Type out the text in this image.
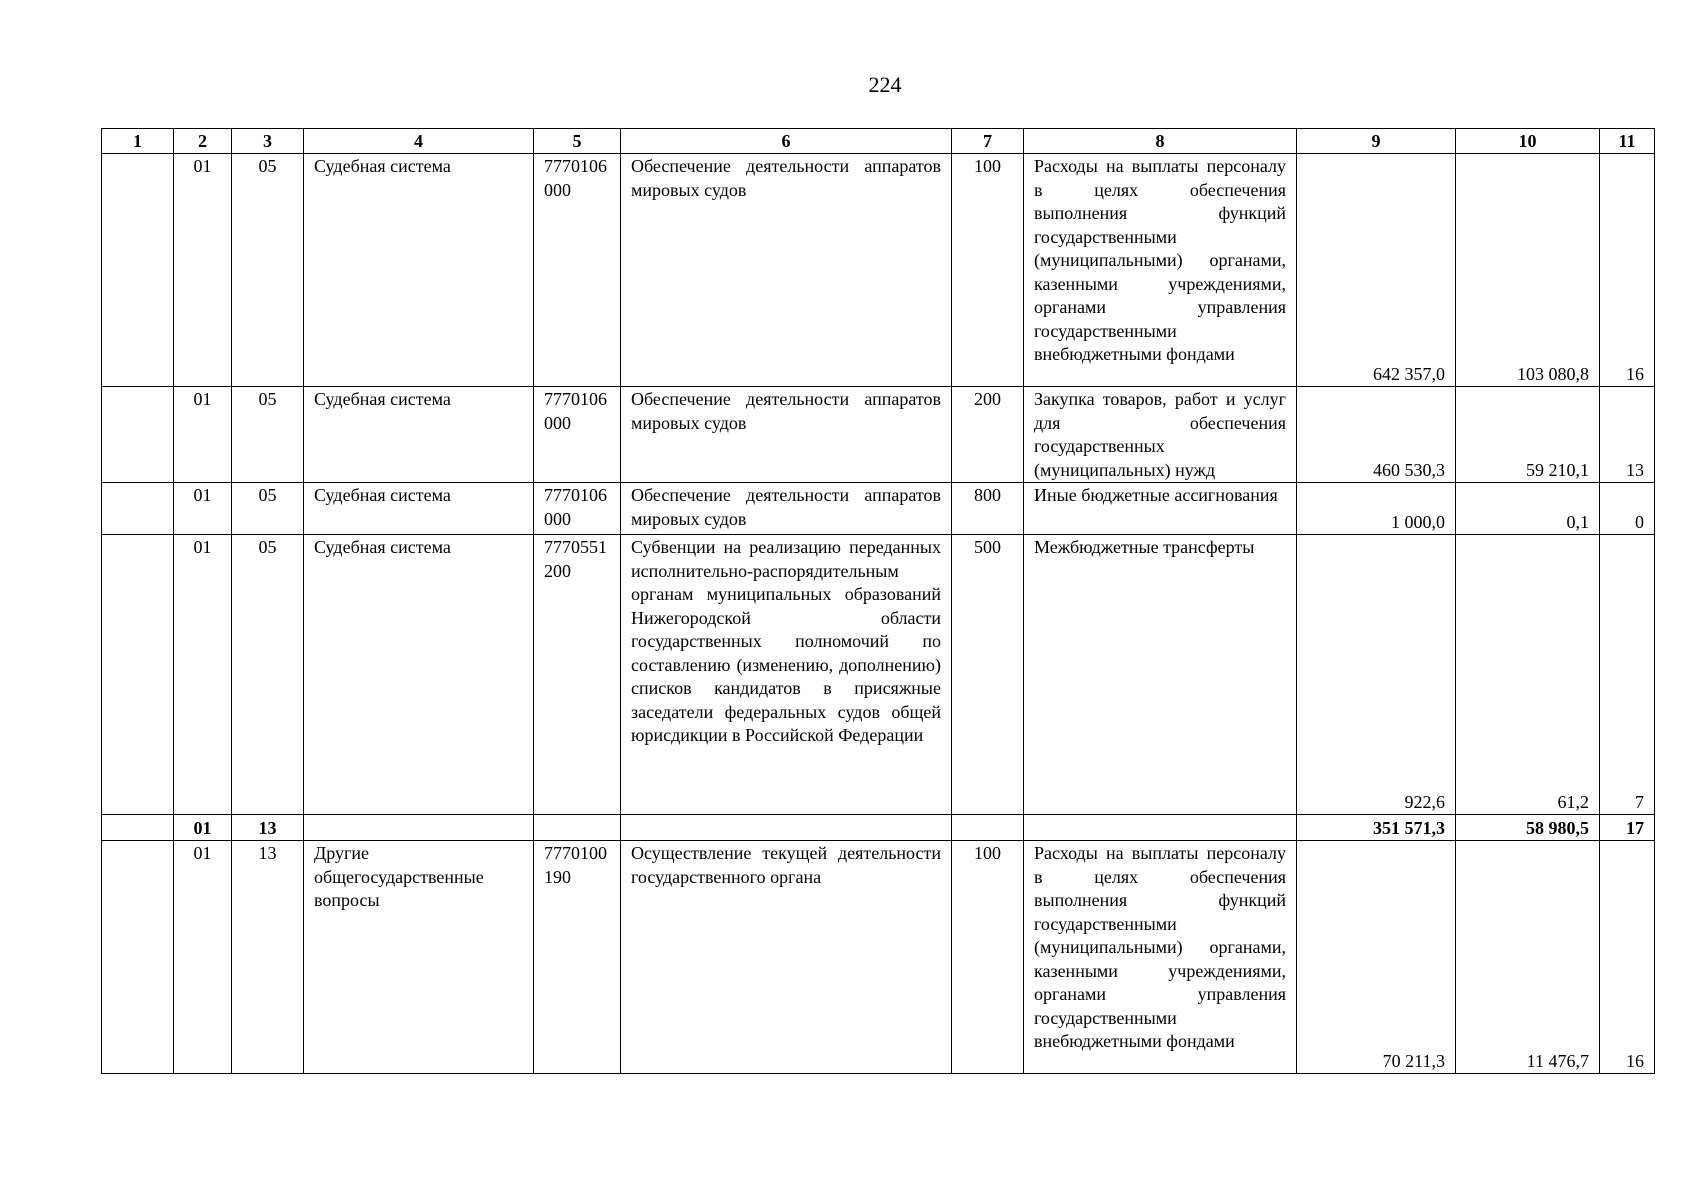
224
1	2	3	4	5	6	7	8	9	10	11
	01	05	Судебная система	7770106000	Обеспечение деятельности аппаратов мировых судов	100	Расходы на выплаты персоналу в целях обеспечения выполнения функций государственными (муниципальными) органами, казенными учреждениями, органами управления государственными внебюджетными фондами	642 357,0	103 080,8	16
	01	05	Судебная система	7770106000	Обеспечение деятельности аппаратов мировых судов	200	Закупка товаров, работ и услуг для обеспечения государственных (муниципальных) нужд	460 530,3	59 210,1	13
	01	05	Судебная система	7770106000	Обеспечение деятельности аппаратов мировых судов	800	Иные бюджетные ассигнования	1 000,0	0,1	0
	01	05	Судебная система	7770551200	Субвенции на реализацию переданных исполнительно-распорядительным органам муниципальных образований Нижегородской области государственных полномочий по составлению (изменению, дополнению) списков кандидатов в присяжные заседатели федеральных судов общей юрисдикции в Российской Федерации	500	Межбюджетные трансферты	922,6	61,2	7
	01	13						351 571,3	58 980,5	17
	01	13	Другие общегосударственные вопросы	7770100190	Осуществление текущей деятельности государственного органа	100	Расходы на выплаты персоналу в целях обеспечения выполнения функций государственными (муниципальными) органами, казенными учреждениями, органами управления государственными внебюджетными фондами	70 211,3	11 476,7	16
